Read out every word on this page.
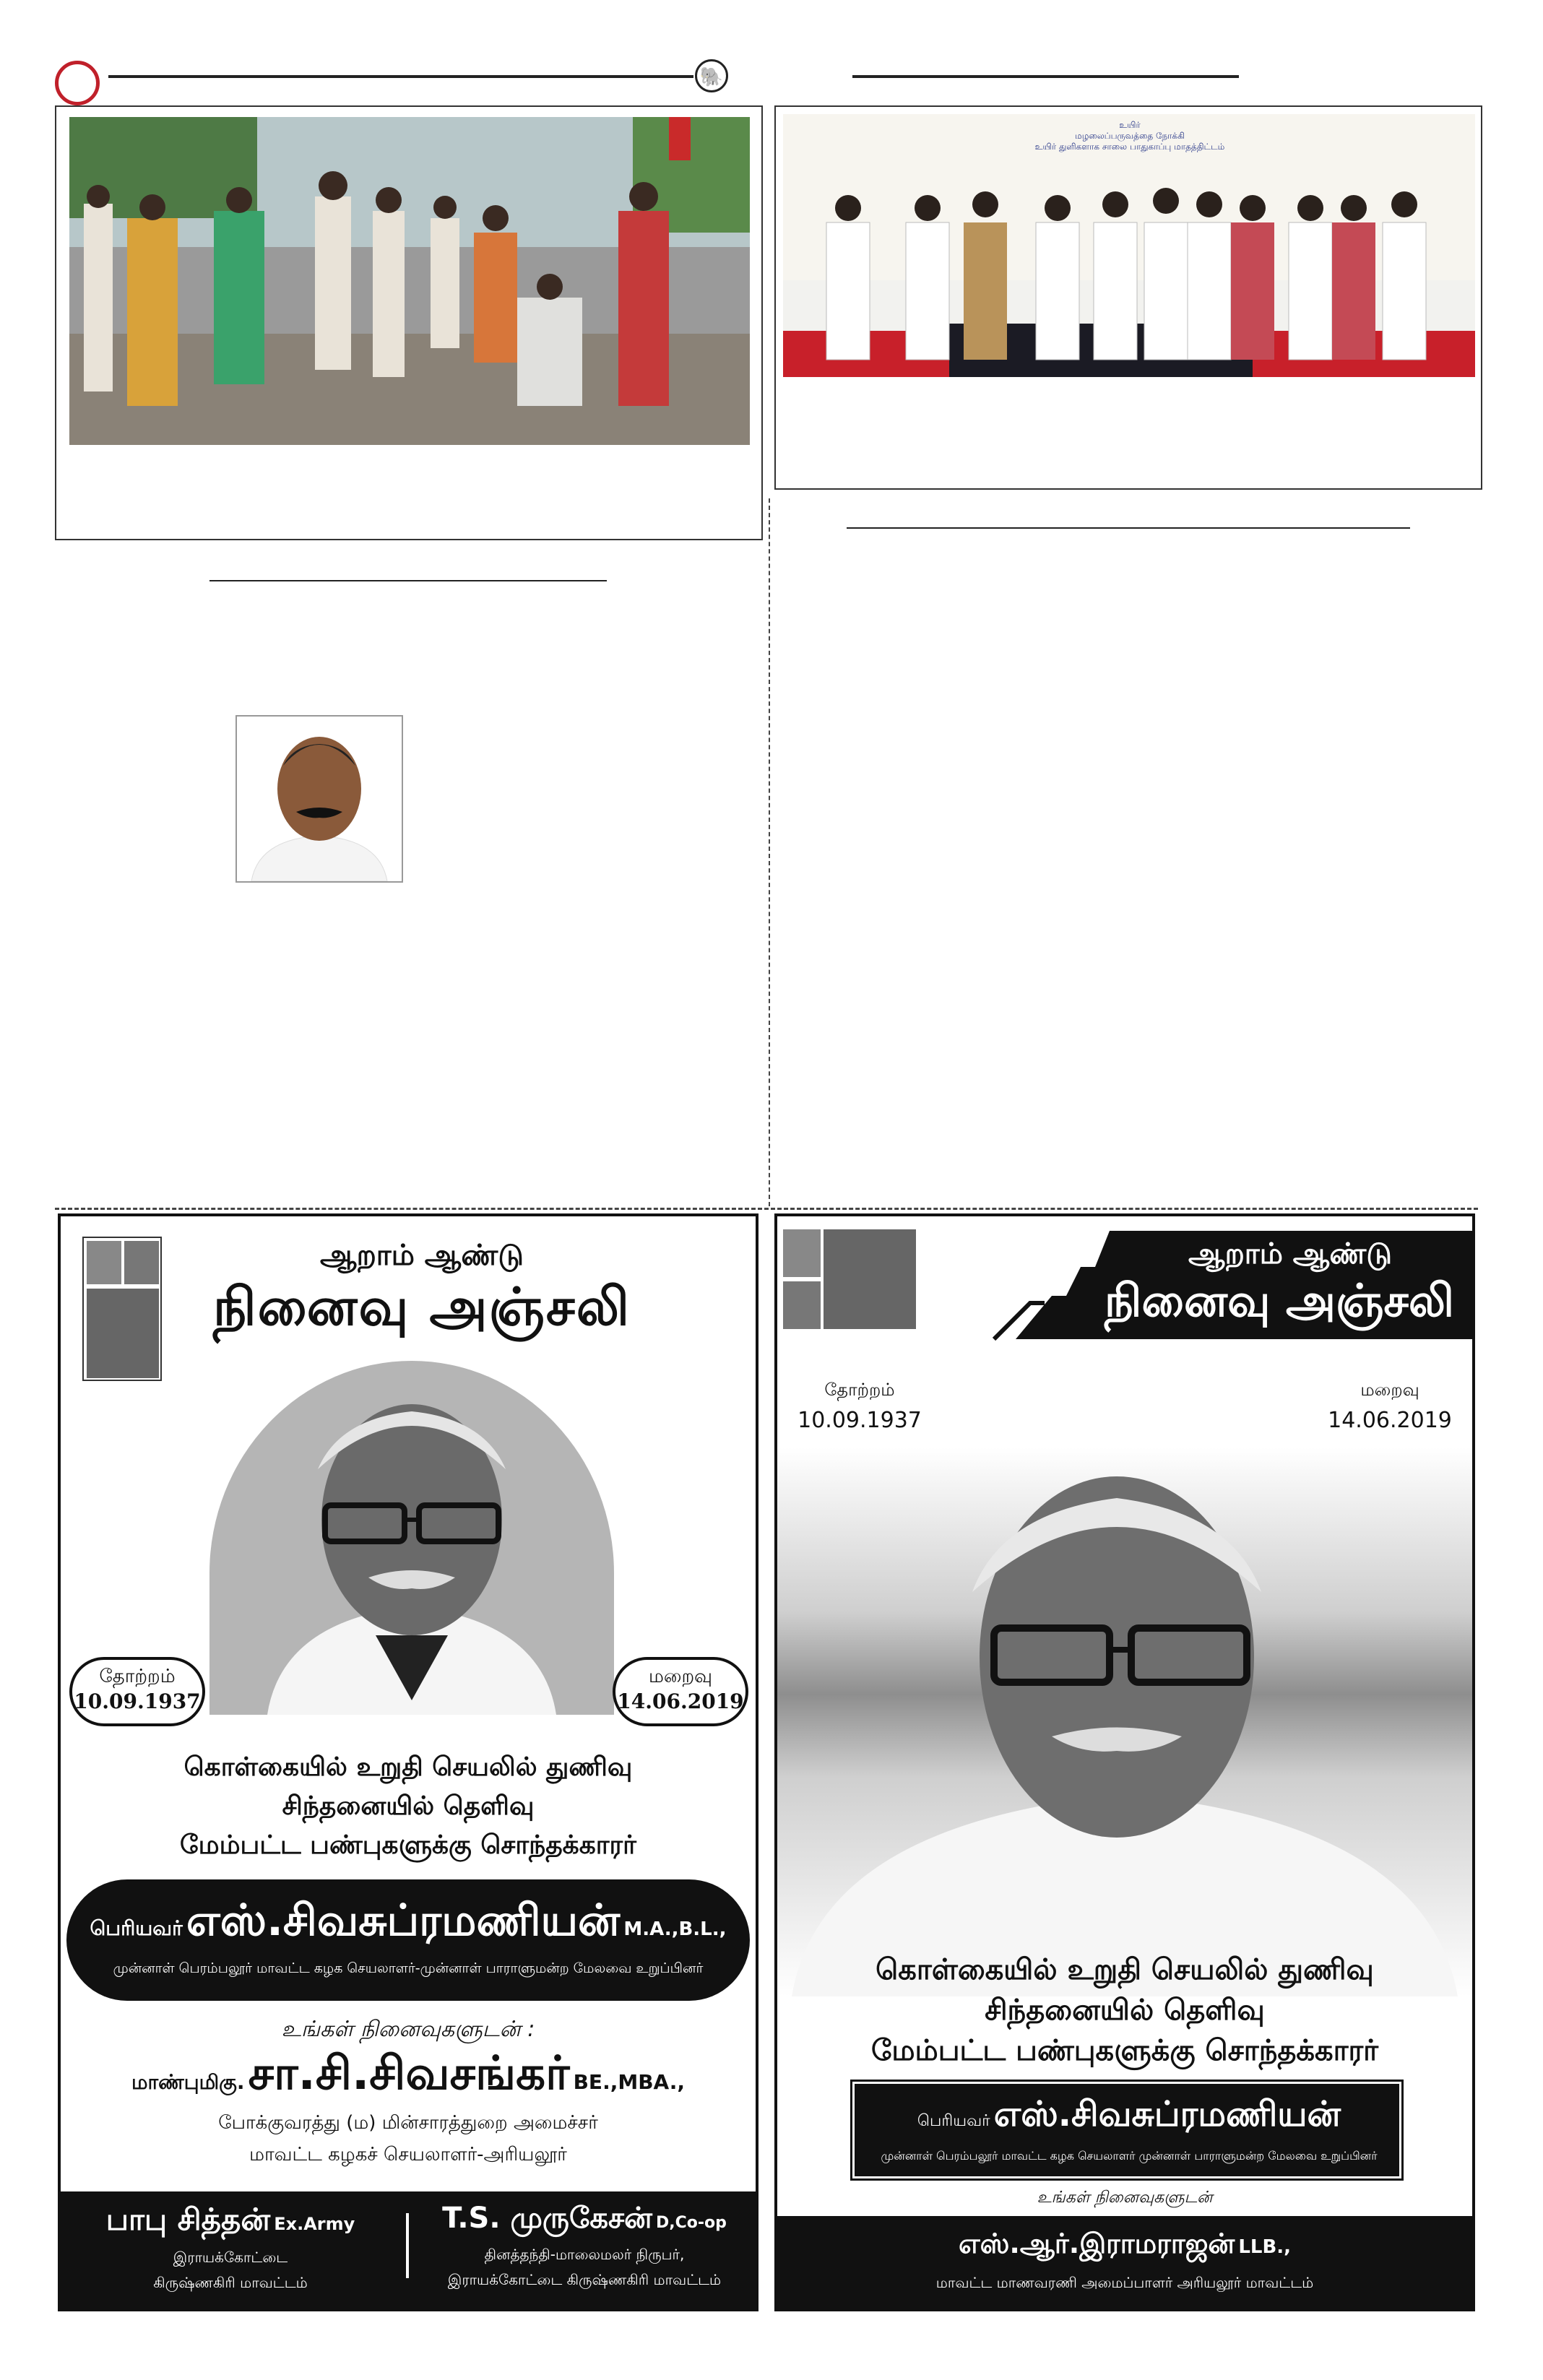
🐘
உயிர்
மழலைப்பருவத்தை நோக்கி
உயிர் துளிகளாக சாலை பாதுகாப்பு மாதத்திட்டம்
ஆறாம் ஆண்டு
நினைவு அஞ்சலி
தோற்றம்
10.09.1937
மறைவு
14.06.2019
கொள்கையில் உறுதி செயலில் துணிவு
சிந்தனையில் தெளிவு
மேம்பட்ட பண்புகளுக்கு சொந்தக்காரர்
பெரியவர் எஸ்.சிவசுப்ரமணியன் M.A.,B.L.,
முன்னாள் பெரம்பலூர் மாவட்ட கழக செயலாளர்-முன்னாள் பாராளுமன்ற மேலவை உறுப்பினர்
உங்கள் நினைவுகளுடன் :
மாண்புமிகு. சா.சி.சிவசங்கர் BE.,MBA.,
போக்குவரத்து (ம) மின்சாரத்துறை அமைச்சர்
மாவட்ட கழகச் செயலாளர்-அரியலூர்
பாபு சித்தன் Ex.Army
இராயக்கோட்டை
கிருஷ்ணகிரி மாவட்டம்
T.S. முருகேசன் D,Co-op
தினத்தந்தி-மாலைமலர் நிருபர்,
இராயக்கோட்டை கிருஷ்ணகிரி மாவட்டம்
ஆறாம் ஆண்டு
நினைவு அஞ்சலி
தோற்றம்
10.09.1937
மறைவு
14.06.2019
கொள்கையில் உறுதி செயலில் துணிவு
சிந்தனையில் தெளிவு
மேம்பட்ட பண்புகளுக்கு சொந்தக்காரர்
பெரியவர் எஸ்.சிவசுப்ரமணியன்
முன்னாள் பெரம்பலூர் மாவட்ட கழக செயலாளர் முன்னாள் பாராளுமன்ற மேலவை உறுப்பினர்
உங்கள் நினைவுகளுடன்
எஸ்.ஆர்.இராமராஜன் LLB.,
மாவட்ட மாணவரணி அமைப்பாளர் அரியலூர் மாவட்டம்
